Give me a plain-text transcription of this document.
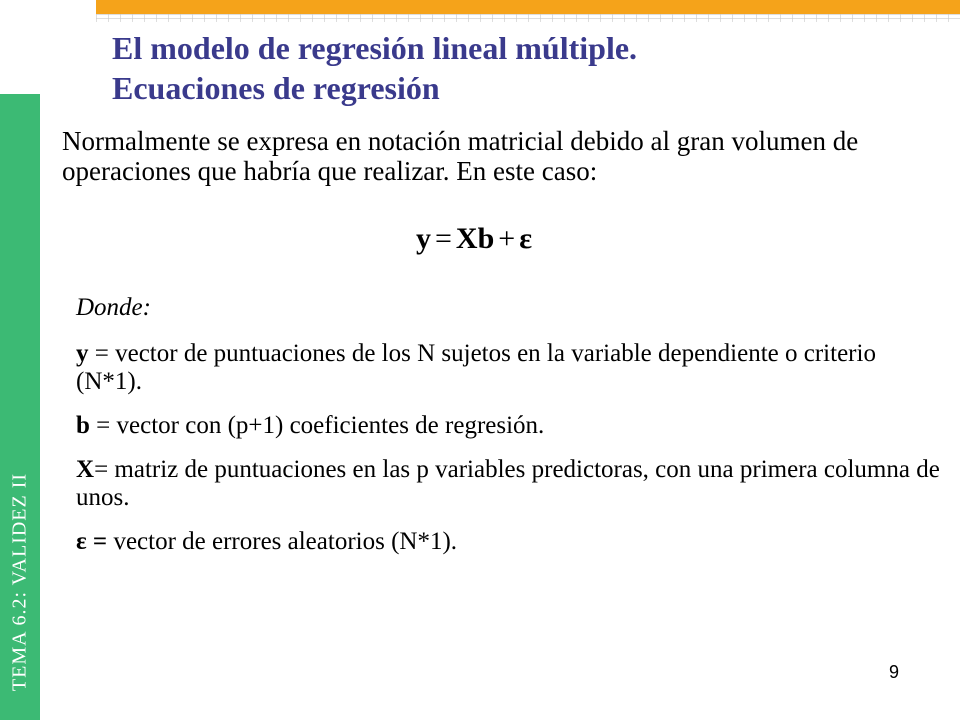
TEMA 6.2: VALIDEZ II
El modelo de regresión lineal múltiple.
Ecuaciones de regresión
Normalmente se expresa en notación matricial debido al gran volumen de operaciones que habría que realizar. En este caso:
y = Xb + ε

Donde:

y = vector de puntuaciones de los N sujetos en la variable dependiente o criterio (N*1).

b = vector con (p+1) coeficientes de regresión.

X= matriz de puntuaciones en las p variables predictoras, con una primera columna de unos.

ε = vector de errores aleatorios (N*1).

9
